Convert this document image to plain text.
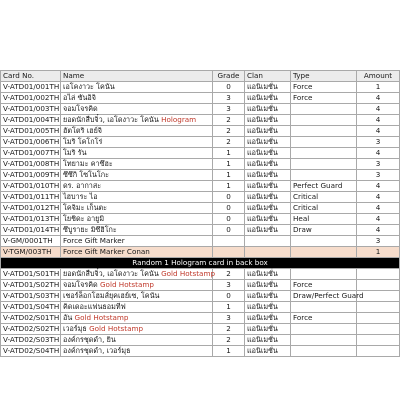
Card No.	Name	Grade	Clan	Type	Amount
V-ATD01/001TH	เอโคงาวะ โคนัน	0	แอนิเมชั่น	Force	1
V-ATD01/002TH	อไล่ ซันอิจิ	3	แอนิเมชั่น	Force	4
V-ATD01/003TH	จอมโจรคิด	3	แอนิเมชั่น		4
V-ATD01/004TH	ยอดนักสืบจิ๋ว, เอโดงาวะ โคนัน Hologram	2	แอนิเมชั่น		4
V-ATD01/005TH	ฮัตโตริ เฮย์จิ	2	แอนิเมชั่น		4
V-ATD01/006TH	โมริ โคโกโร่	2	แอนิเมชั่น		3
V-ATD01/007TH	โมริ รัน	1	แอนิเมชั่น		4
V-ATD01/008TH	โทยามะ คาซึฮะ	1	แอนิเมชั่น		3
V-ATD01/009TH	ซึซึกิ โซโนโกะ	1	แอนิเมชั่น		3
V-ATD01/010TH	ดร. อากาสะ	1	แอนิเมชั่น	Perfect Guard	4
V-ATD01/011TH	ไฮบาระ ไอ	0	แอนิเมชั่น	Critical	4
V-ATD01/012TH	โคจิมะ เก็นตะ	0	แอนิเมชั่น	Critical	4
V-ATD01/013TH	โยชิดะ อายูมิ	0	แอนิเมชั่น	Heal	4
V-ATD01/014TH	ซึบูรายะ มิซึฮิโกะ	0	แอนิเมชั่น	Draw	4
V-GM/0001TH	Force Gift Marker				3
V-TGM/003TH	Force Gift Marker Conan				1
Random 1 Hologram card in back box					
V-ATD01/S01TH	ยอดนักสืบจิ๋ว, เอโดงาวะ โคนัน Gold Hotstamp	2	แอนิเมชั่น		
V-ATD01/S02TH	จอมโจรคิด Gold Hotstamp	3	แอนิเมชั่น	Force	
V-ATD01/S03TH	เชอร์ล็อกโฮมส์ยุคเฮย์เซ, โคนัน	0	แอนิเมชั่น	Draw/Perfect Guard	
V-ATD01/S04TH	คิดเดอะแฟนธอมทีฟ	1	แอนิเมชั่น		
V-ATD02/S01TH	อัน Gold Hotstamp	3	แอนิเมชั่น	Force	
V-ATD02/S02TH	เวอร์มุธ Gold Hotstamp	2	แอนิเมชั่น		
V-ATD02/S03TH	องค์กรชุดดำ, ยิน	2	แอนิเมชั่น		
V-ATD02/S04TH	องค์กรชุดดำ, เวอร์มุธ	1	แอนิเมชั่น		
